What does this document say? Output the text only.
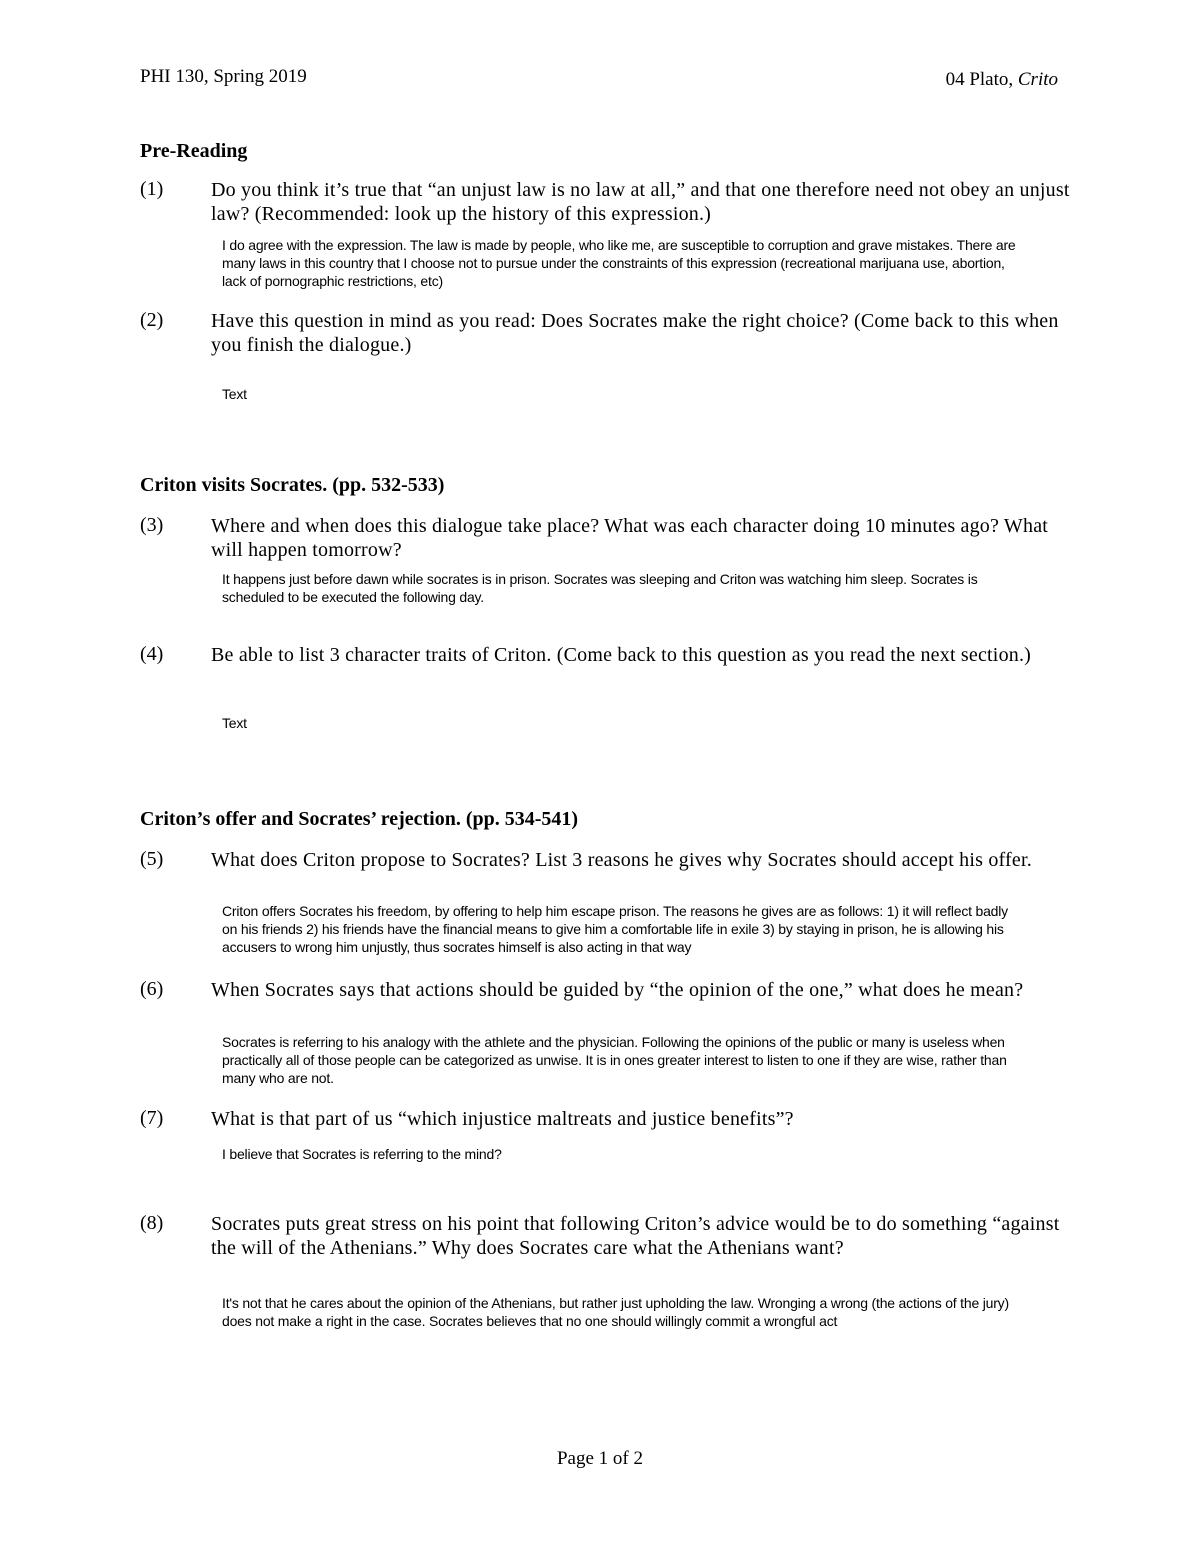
PHI 130, Spring 2019	04 Plato, Crito
Pre-Reading
(1) Do you think it’s true that “an unjust law is no law at all,” and that one therefore need not obey an unjust law? (Recommended: look up the history of this expression.)
I do agree with the expression. The law is made by people, who like me, are susceptible to corruption and grave mistakes. There are many laws in this country that I choose not to pursue under the constraints of this expression (recreational marijuana use, abortion, lack of pornographic restrictions, etc)
(2) Have this question in mind as you read: Does Socrates make the right choice? (Come back to this when you finish the dialogue.)
Text
Criton visits Socrates. (pp. 532-533)
(3) Where and when does this dialogue take place? What was each character doing 10 minutes ago? What will happen tomorrow?
It happens just before dawn while socrates is in prison. Socrates was sleeping and Criton was watching him sleep. Socrates is scheduled to be executed the following day.
(4) Be able to list 3 character traits of Criton. (Come back to this question as you read the next section.)
Text
Criton’s offer and Socrates’ rejection. (pp. 534-541)
(5) What does Criton propose to Socrates? List 3 reasons he gives why Socrates should accept his offer.
Criton offers Socrates his freedom, by offering to help him escape prison. The reasons he gives are as follows: 1) it will reflect badly on his friends 2) his friends have the financial means to give him a comfortable life in exile 3) by staying in prison, he is allowing his accusers to wrong him unjustly, thus socrates himself is also acting in that way
(6) When Socrates says that actions should be guided by “the opinion of the one,” what does he mean?
Socrates is referring to his analogy with the athlete and the physician. Following the opinions of the public or many is useless when practically all of those people can be categorized as unwise. It is in ones greater interest to listen to one if they are wise, rather than many who are not.
(7) What is that part of us “which injustice maltreats and justice benefits”?
I believe that Socrates is referring to the mind?
(8) Socrates puts great stress on his point that following Criton’s advice would be to do something “against the will of the Athenians.” Why does Socrates care what the Athenians want?
It's not that he cares about the opinion of the Athenians, but rather just upholding the law. Wronging a wrong (the actions of the jury) does not make a right in the case. Socrates believes that no one should willingly commit a wrongful act
Page 1 of 2
